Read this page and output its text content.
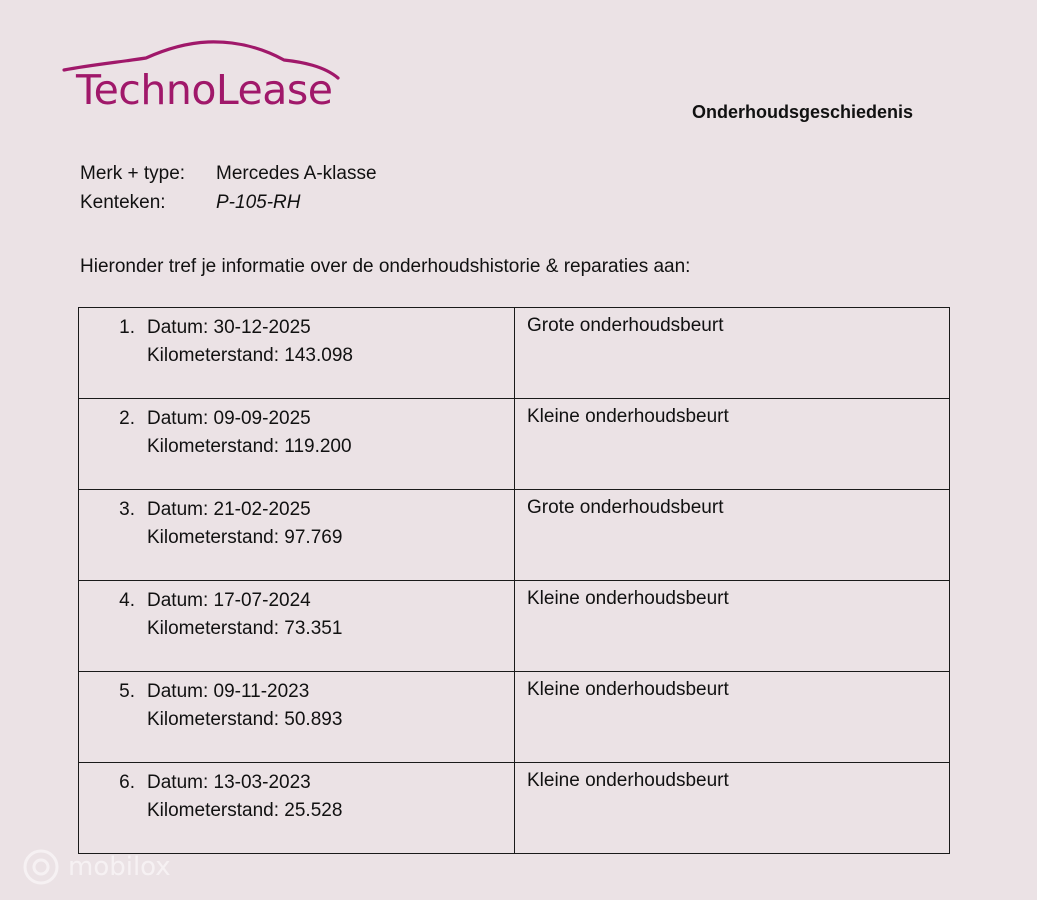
TechnoLease	Onderhoudsgeschiedenis
Merk + type:	Mercedes A-klasse
Kenteken:	P-105-RH
Hieronder tref je informatie over de onderhoudshistorie & reparaties aan:
1. Datum: 30-12-2025
Kilometerstand: 143.098	Grote onderhoudsbeurt

2. Datum: 09-09-2025
Kilometerstand: 119.200	Kleine onderhoudsbeurt

3. Datum: 21-02-2025
Kilometerstand: 97.769	Grote onderhoudsbeurt

4. Datum: 17-07-2024
Kilometerstand: 73.351	Kleine onderhoudsbeurt

5. Datum: 09-11-2023
Kilometerstand: 50.893	Kleine onderhoudsbeurt

6. Datum: 13-03-2023
Kilometerstand: 25.528	Kleine onderhoudsbeurt
mobilox
